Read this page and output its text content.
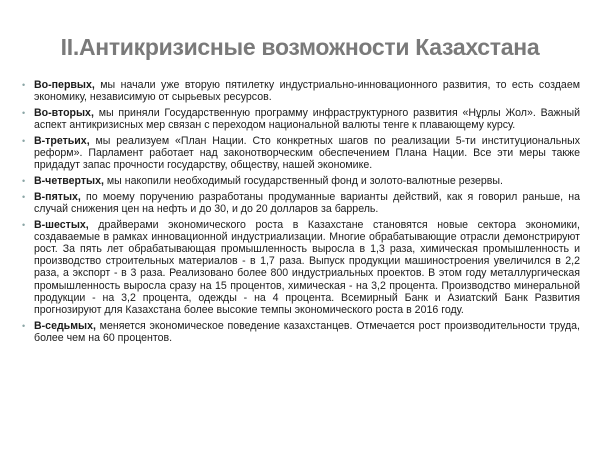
II.Антикризисные возможности Казахстана
• Во-первых, мы начали уже вторую пятилетку индустриально-инновационного развития, то есть создаем экономику, независимую от сырьевых ресурсов.
• Во-вторых, мы приняли Государственную программу инфраструктурного развития «Нұрлы Жол». Важный аспект антикризисных мер связан с переходом национальной валюты тенге к плавающему курсу.
• В-третьих, мы реализуем «План Нации. Сто конкретных шагов по реализации 5-ти институциональных реформ». Парламент работает над законотворческим обеспечением Плана Нации. Все эти меры также придадут запас прочности государству, обществу, нашей экономике.
• В-четвертых, мы накопили необходимый государственный фонд и золото-валютные резервы.
• В-пятых, по моему поручению разработаны продуманные варианты действий, как я говорил раньше, на случай снижения цен на нефть и до 30, и до 20 долларов за баррель.
• В-шестых, драйверами экономического роста в Казахстане становятся новые сектора экономики, создаваемые в рамках инновационной индустриализации. Многие обрабатывающие отрасли демонстрируют рост. За пять лет обрабатывающая промышленность выросла в 1,3 раза, химическая промышленность и производство строительных материалов - в 1,7 раза. Выпуск продукции машиностроения увеличился в 2,2 раза, а экспорт - в 3 раза. Реализовано более 800 индустриальных проектов. В этом году металлургическая промышленность выросла сразу на 15 процентов, химическая - на 3,2 процента. Производство минеральной продукции - на 3,2 процента, одежды - на 4 процента. Всемирный Банк и Азиатский Банк Развития прогнозируют для Казахстана более высокие темпы экономического роста в 2016 году.
• В-седьмых, меняется экономическое поведение казахстанцев. Отмечается рост производительности труда, более чем на 60 процентов.
